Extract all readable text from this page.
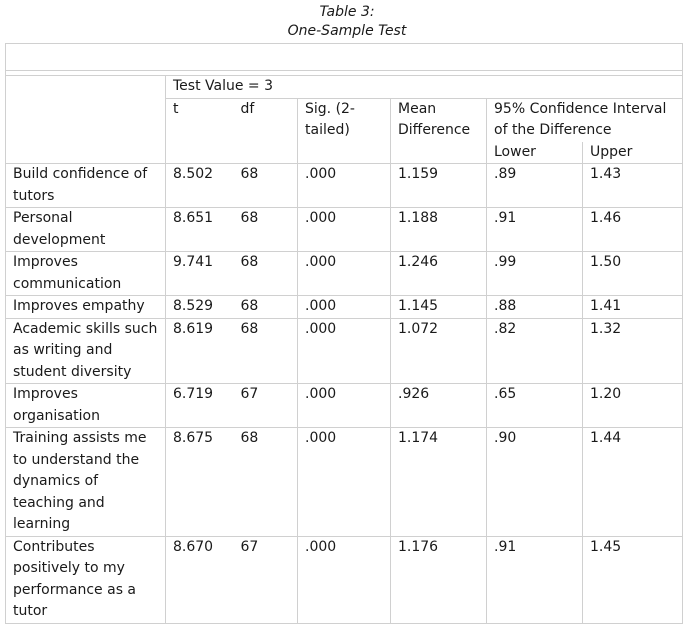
Table 3:
One-Sample Test

	Test Value = 3					
	t	df	Sig. (2-tailed)	Mean Difference	95% Confidence Interval of the Difference	

					Lower	Upper
Build confidence of tutors	8.502	68	.000	1.159	.89	1.43
Personal development	8.651	68	.000	1.188	.91	1.46
Improves communication	9.741	68	.000	1.246	.99	1.50
Improves empathy	8.529	68	.000	1.145	.88	1.41
Academic skills such as writing and student diversity	8.619	68	.000	1.072	.82	1.32
Improves organisation	6.719	67	.000	.926	.65	1.20
Training assists me to understand the dynamics of teaching and learning	8.675	68	.000	1.174	.90	1.44
Contributes positively to my performance as a tutor	8.670	67	.000	1.176	.91	1.45
